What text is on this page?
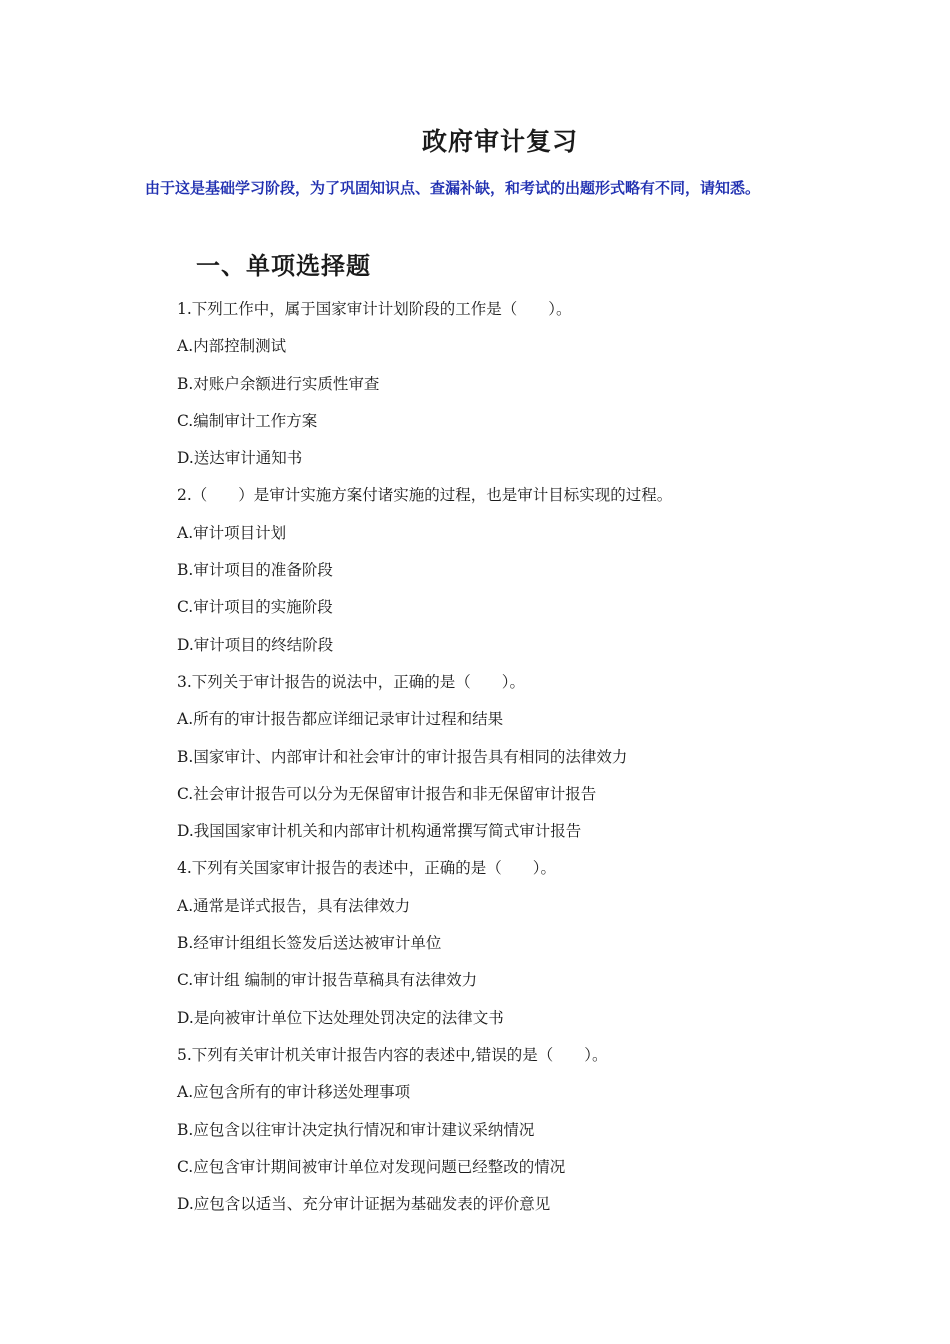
政府审计复习
由于这是基础学习阶段，为了巩固知识点、查漏补缺，和考试的出题形式略有不同，请知悉。
一、单项选择题
1.下列工作中，属于国家审计计划阶段的工作是（　　）。
A.内部控制测试
B.对账户余额进行实质性审查
C.编制审计工作方案
D.送达审计通知书
2.（　　）是审计实施方案付诸实施的过程，也是审计目标实现的过程。
A.审计项目计划
B.审计项目的准备阶段
C.审计项目的实施阶段
D.审计项目的终结阶段
3.下列关于审计报告的说法中，正确的是（　　）。
A.所有的审计报告都应详细记录审计过程和结果
B.国家审计、内部审计和社会审计的审计报告具有相同的法律效力
C.社会审计报告可以分为无保留审计报告和非无保留审计报告
D.我国国家审计机关和内部审计机构通常撰写简式审计报告
4.下列有关国家审计报告的表述中，正确的是（　　）。
A.通常是详式报告，具有法律效力
B.经审计组组长签发后送达被审计单位
C.审计组 编制的审计报告草稿具有法律效力
D.是向被审计单位下达处理处罚决定的法律文书
5.下列有关审计机关审计报告内容的表述中,错误的是（　　）。
A.应包含所有的审计移送处理事项
B.应包含以往审计决定执行情况和审计建议采纳情况
C.应包含审计期间被审计单位对发现问题已经整改的情况
D.应包含以适当、充分审计证据为基础发表的评价意见
